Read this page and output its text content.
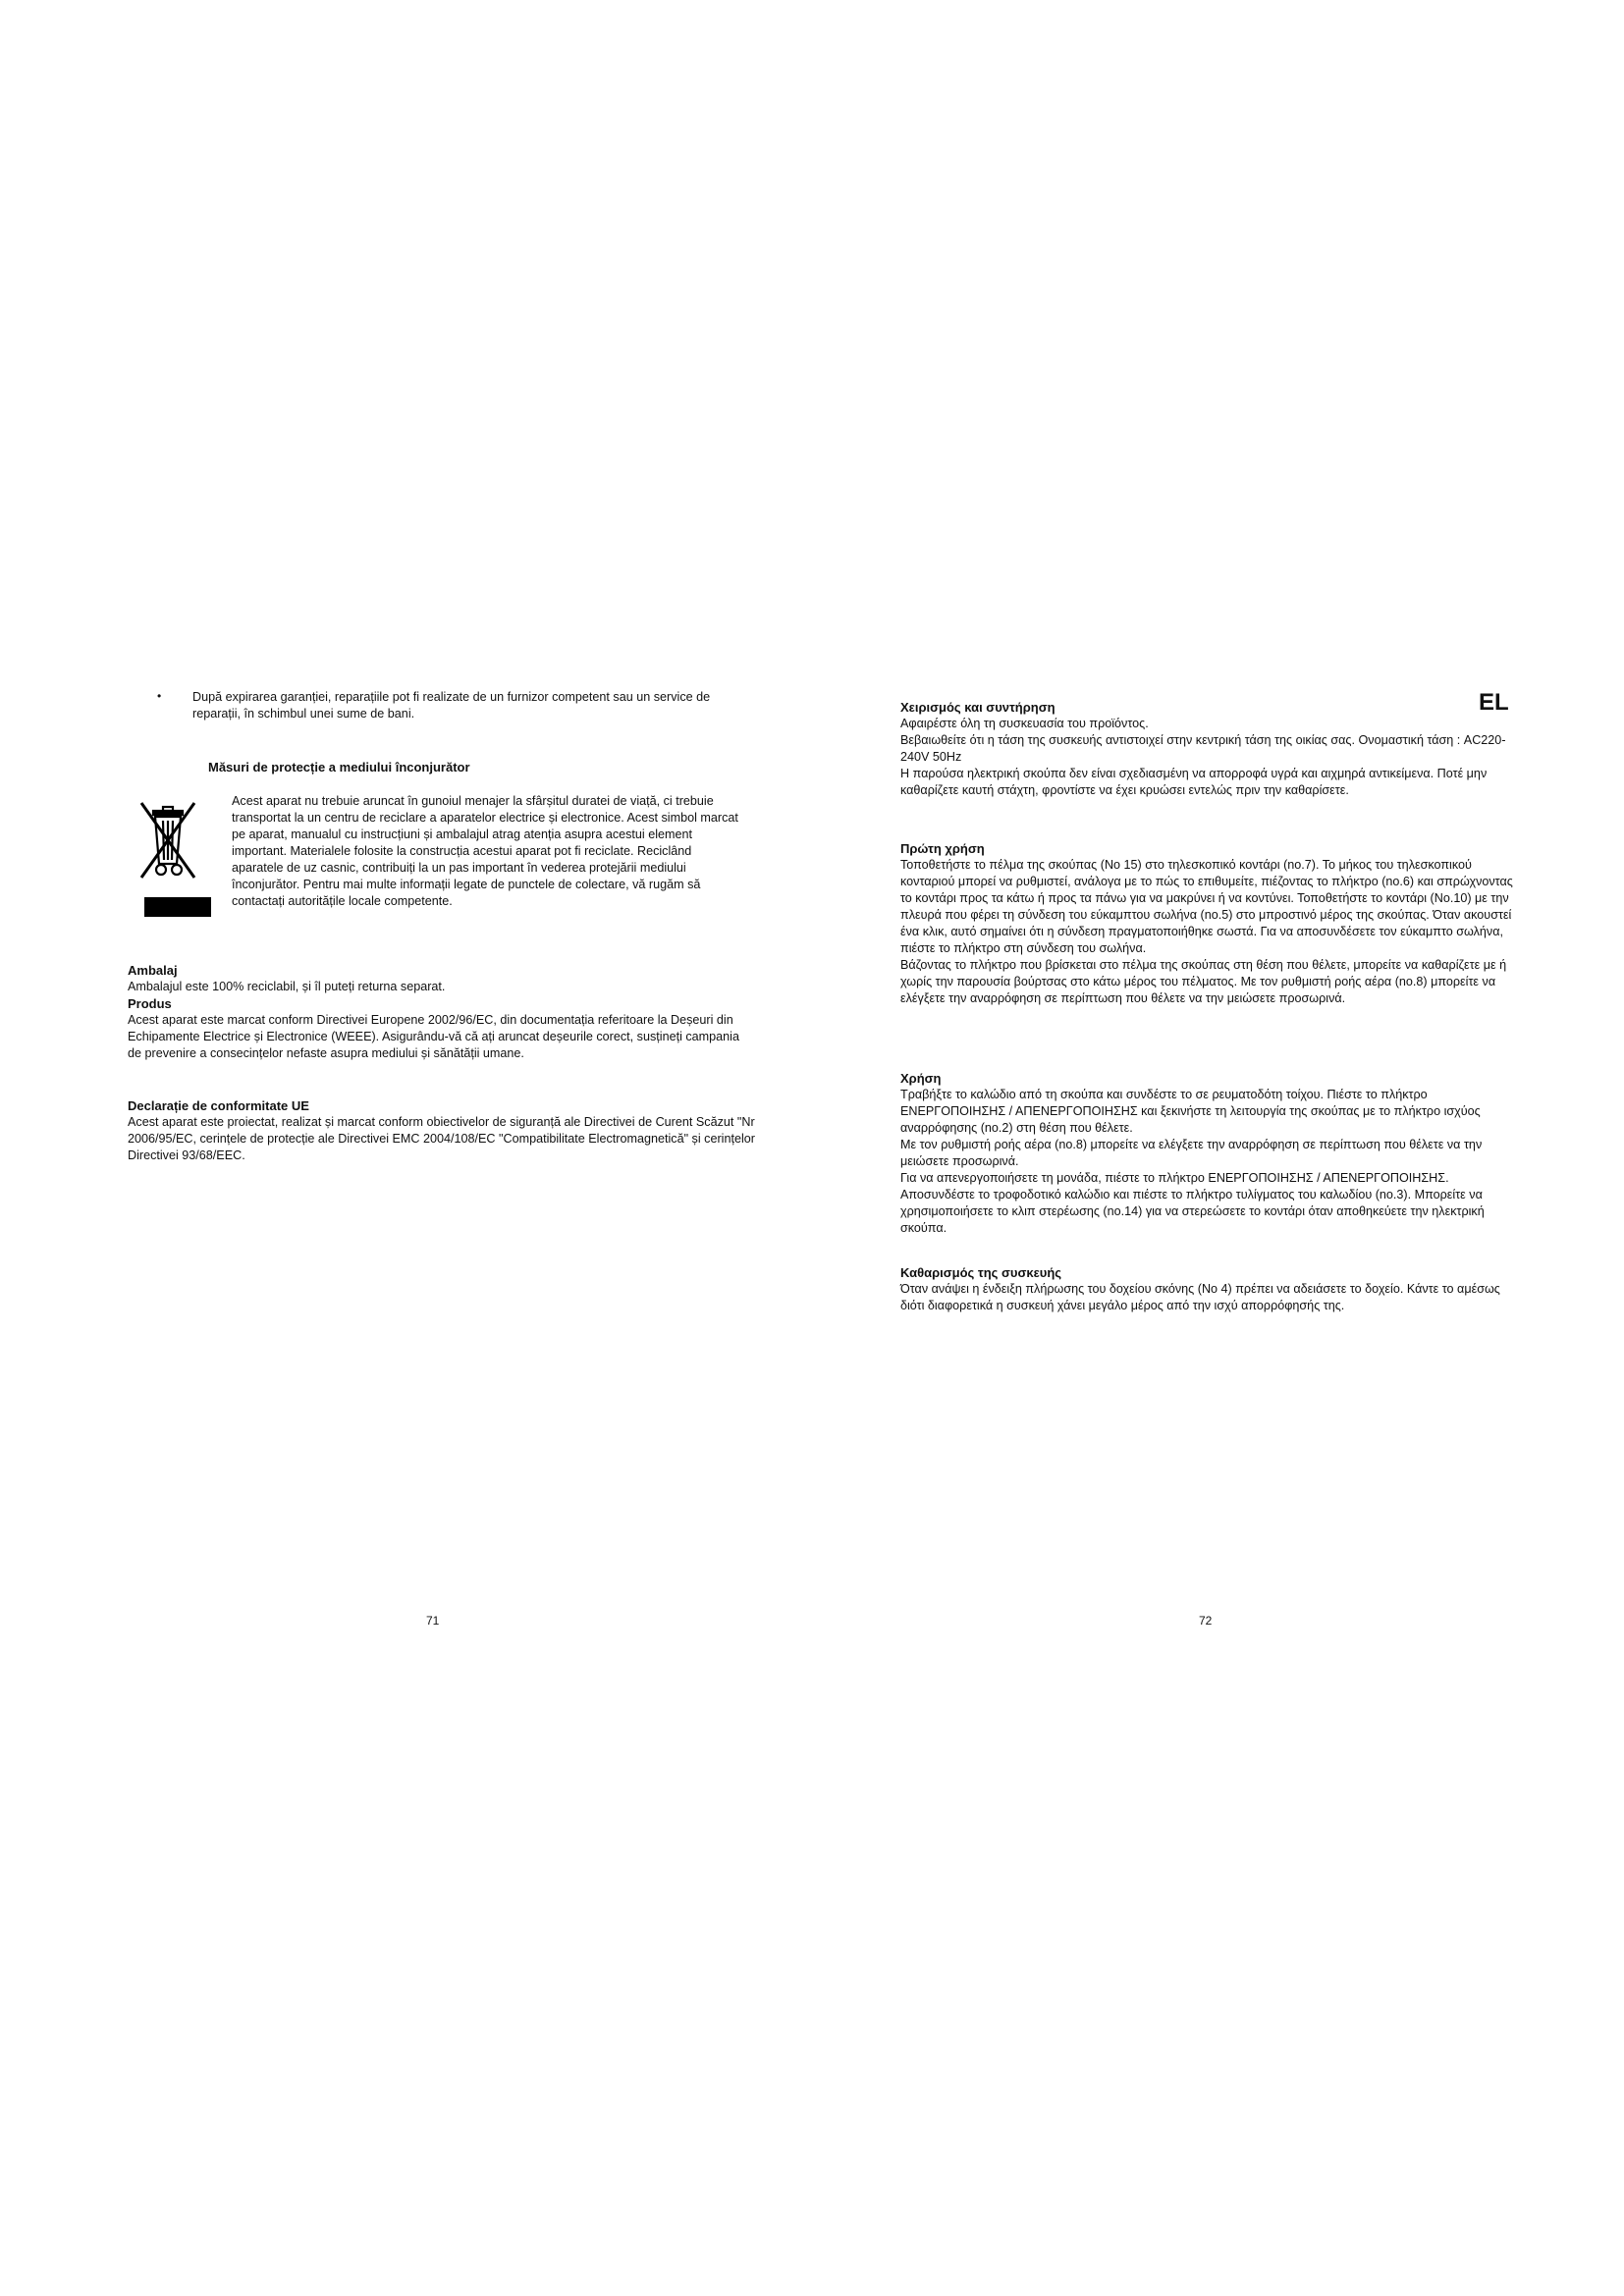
•	După expirarea garanției, reparațiile pot fi realizate de un furnizor competent sau un service de reparații, în schimbul unei sume de bani.

Măsuri de protecție a mediului înconjurător

Acest aparat nu trebuie aruncat în gunoiul menajer la sfârșitul duratei de viață, ci trebuie transportat la un centru de reciclare a aparatelor electrice și electronice. Acest simbol marcat pe aparat, manualul cu instrucțiuni și ambalajul atrag atenția asupra acestui element important. Materialele folosite la construcția acestui aparat pot fi reciclate. Reciclând aparatele de uz casnic, contribuiți la un pas important în vederea protejării mediului înconjurător. Pentru mai multe informații legate de punctele de colectare, vă rugăm să contactați autoritățile locale competente.

Ambalaj

Ambalajul este 100% reciclabil, și îl puteți returna separat.

Produs

Acest aparat este marcat conform Directivei Europene 2002/96/EC, din documentația referitoare la Deșeuri din Echipamente Electrice și Electronice (WEEE). Asigurându-vă că ați aruncat deșeurile corect, susțineți campania de prevenire a consecințelor nefaste asupra mediului și sănătății umane.

Declarație de conformitate UE

Acest aparat este proiectat, realizat și marcat conform obiectivelor de siguranță ale Directivei de Curent Scăzut "Nr 2006/95/EC, cerințele de protecție ale Directivei EMC 2004/108/EC "Compatibilitate Electromagnetică" și cerințelor Directivei 93/68/EEC.

71
EL
Χειρισμός και συντήρηση

Αφαιρέστε όλη τη συσκευασία του προϊόντος.

Βεβαιωθείτε ότι η τάση της συσκευής αντιστοιχεί στην κεντρική τάση της οικίας σας. Ονομαστική τάση : AC220-240V 50Hz

Η παρούσα ηλεκτρική σκούπα δεν είναι σχεδιασμένη να απορροφά υγρά και αιχμηρά αντικείμενα. Ποτέ μην καθαρίζετε καυτή στάχτη, φροντίστε να έχει κρυώσει εντελώς πριν την καθαρίσετε.

Πρώτη χρήση

Τοποθετήστε το πέλμα της σκούπας (No 15) στο τηλεσκοπικό κοντάρι (no.7). Το μήκος του τηλεσκοπικού κονταριού μπορεί να ρυθμιστεί, ανάλογα με το πώς το επιθυμείτε, πιέζοντας το πλήκτρο (no.6) και σπρώχνοντας το κοντάρι προς τα κάτω ή προς τα πάνω για να μακρύνει ή να κοντύνει. Τοποθετήστε το κοντάρι (No.10) με την πλευρά που φέρει τη σύνδεση του εύκαμπτου σωλήνα (no.5) στο μπροστινό μέρος της σκούπας. Όταν ακουστεί ένα κλικ, αυτό σημαίνει ότι η σύνδεση πραγματοποιήθηκε σωστά. Για να αποσυνδέσετε τον εύκαμπτο σωλήνα, πιέστε το πλήκτρο στη σύνδεση του σωλήνα.

Βάζοντας το πλήκτρο που βρίσκεται στο πέλμα της σκούπας στη θέση που θέλετε, μπορείτε να καθαρίζετε με ή χωρίς την παρουσία βούρτσας στο κάτω μέρος του πέλματος. Με τον ρυθμιστή ροής αέρα (no.8) μπορείτε να ελέγξετε την αναρρόφηση σε περίπτωση που θέλετε να την μειώσετε προσωρινά.

Χρήση

Τραβήξτε το καλώδιο από τη σκούπα και συνδέστε το σε ρευματοδότη τοίχου. Πιέστε το πλήκτρο ΕΝΕΡΓΟΠΟΙΗΣΗΣ / ΑΠΕΝΕΡΓΟΠΟΙΗΣΗΣ και ξεκινήστε τη λειτουργία της σκούπας με το πλήκτρο ισχύος αναρρόφησης (no.2) στη θέση που θέλετε.

Με τον ρυθμιστή ροής αέρα (no.8) μπορείτε να ελέγξετε την αναρρόφηση σε περίπτωση που θέλετε να την μειώσετε προσωρινά.

Για να απενεργοποιήσετε τη μονάδα, πιέστε το πλήκτρο ΕΝΕΡΓΟΠΟΙΗΣΗΣ / ΑΠΕΝΕΡΓΟΠΟΙΗΣΗΣ. Αποσυνδέστε το τροφοδοτικό καλώδιο και πιέστε το πλήκτρο τυλίγματος του καλωδίου (no.3). Μπορείτε να χρησιμοποιήσετε το κλιπ στερέωσης (no.14) για να στερεώσετε το κοντάρι όταν αποθηκεύετε την ηλεκτρική σκούπα.

Καθαρισμός της συσκευής

Όταν ανάψει η ένδειξη πλήρωσης του δοχείου σκόνης (No 4) πρέπει να αδειάσετε το δοχείο. Κάντε το αμέσως διότι διαφορετικά η συσκευή χάνει μεγάλο μέρος από την ισχύ απορρόφησής της.

72
